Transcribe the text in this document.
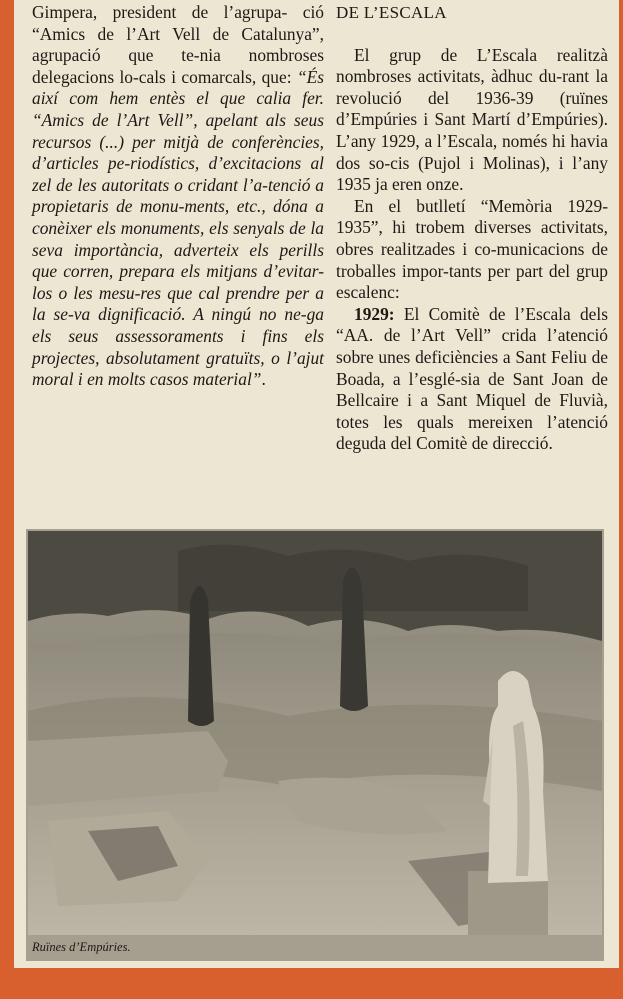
Gimpera, president de l’agrupa- ció “Amics de l’Art Vell de Catalunya”, agrupació que te-nia nombroses delegacions lo-cals i comarcals, que: “És així com hem entès el que calia fer. “Amics de l’Art Vell”, apelant als seus recursos (...) per mitjà de conferències, d’articles pe-riodístics, d’excitacions al zel de les autoritats o cridant l’a-tenció a propietaris de monu-ments, etc., dóna a conèixer els monuments, els senyals de la seva importància, adverteix els perills que corren, prepara els mitjans d’evitar-los o les mesu-res que cal prendre per a la se-va dignificació. A ningú no ne-ga els seus assessoraments i fins els projectes, absolutament gratuïts, o l’ajut moral i en molts casos material”.

DE L’ESCALA

El grup de L’Escala realitzà nombroses activitats, àdhuc du-rant la revolució del 1936-39 (ruïnes d’Empúries i Sant Martí d’Empúries). L’any 1929, a l’Escala, només hi havia dos so-cis (Pujol i Molinas), i l’any 1935 ja eren onze.

En el butlletí “Memòria 1929-1935”, hi trobem diverses activitats, obres realitzades i co-municacions de troballes impor-tants per part del grup escalenc:

1929: El Comitè de l’Escala dels “AA. de l’Art Vell” crida l’atenció sobre unes deficiències a Sant Feliu de Boada, a l’esglé-sia de Sant Joan de Bellcaire i a Sant Miquel de Fluvià, totes les quals mereixen l’atenció deguda del Comitè de direcció.

Ruïnes d’Empúries.
